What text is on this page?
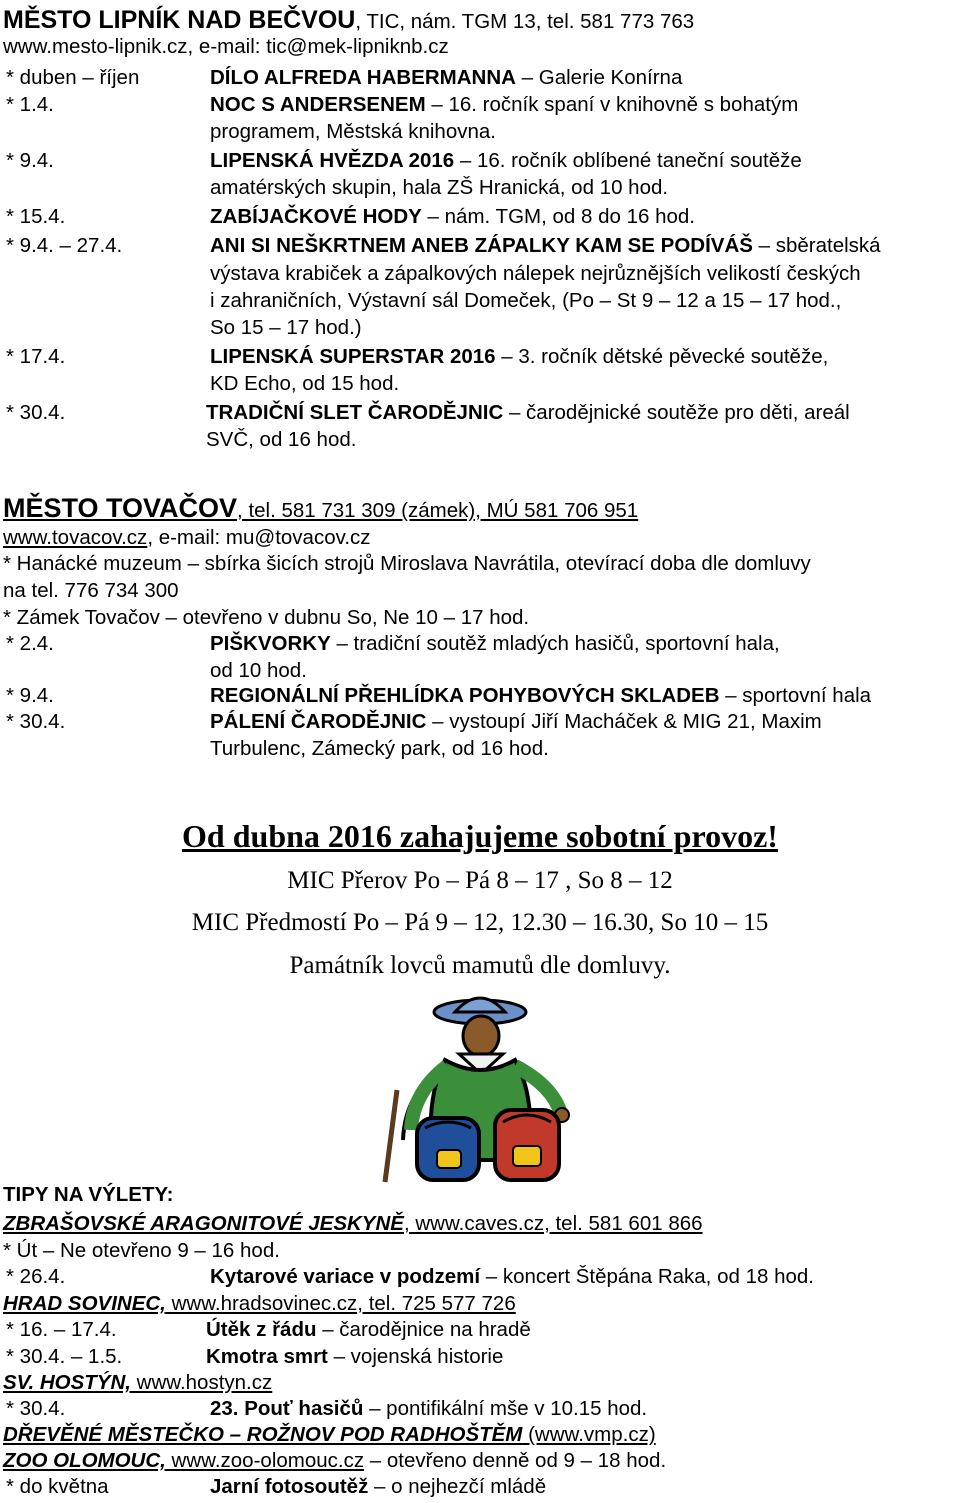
MĚSTO LIPNÍK NAD BEČVOU, TIC, nám. TGM 13, tel. 581 773 763
www.mesto-lipnik.cz, e-mail: tic@mek-lipniknb.cz
* duben – říjen	DÍLO ALFREDA HABERMANNA – Galerie Konírna
* 1.4.	NOC S ANDERSENEM – 16. ročník spaní v knihovně s bohatým
programem, Městská knihovna.
* 9.4.	LIPENSKÁ HVĚZDA 2016 – 16. ročník oblíbené taneční soutěže
amatérských skupin, hala ZŠ Hranická, od 10 hod.
* 15.4.	ZABÍJAČKOVÉ HODY – nám. TGM, od 8 do 16 hod.
* 9.4. – 27.4.	ANI SI NEŠKRTNEM ANEB ZÁPALKY KAM SE PODÍVÁŠ – sběratelská
výstava krabiček a zápalkových nálepek nejrůznějších velikostí českých
i zahraničních, Výstavní sál Domeček, (Po – St 9 – 12 a 15 – 17 hod.,
So 15 – 17 hod.)
* 17.4.	LIPENSKÁ SUPERSTAR 2016 – 3. ročník dětské pěvecké soutěže,
KD Echo, od 15 hod.
* 30.4.	TRADIČNÍ SLET ČARODĚJNIC – čarodějnické soutěže pro děti, areál
SVČ, od 16 hod.
MĚSTO TOVAČOV, tel. 581 731 309 (zámek), MÚ 581 706 951
www.tovacov.cz, e-mail: mu@tovacov.cz
* Hanácké muzeum – sbírka šicích strojů Miroslava Navrátila, otevírací doba dle domluvy
na tel. 776 734 300
* Zámek Tovačov – otevřeno v dubnu So, Ne 10 – 17 hod.
* 2.4.	PIŠKVORKY – tradiční soutěž mladých hasičů, sportovní hala,
od 10 hod.
* 9.4.	REGIONÁLNÍ PŘEHLÍDKA POHYBOVÝCH SKLADEB – sportovní hala
* 30.4.	PÁLENÍ ČARODĚJNIC – vystoupí Jiří Macháček & MIG 21, Maxim
Turbulenc, Zámecký park, od 16 hod.
Od dubna 2016 zahajujeme sobotní provoz!
MIC Přerov Po – Pá 8 – 17 , So 8 – 12
MIC Předmostí Po – Pá 9 – 12, 12.30 – 16.30, So 10 – 15
Památník lovců mamutů dle domluvy.
TIPY NA VÝLETY:
ZBRAŠOVSKÉ ARAGONITOVÉ JESKYNĚ, www.caves.cz, tel. 581 601 866
* Út – Ne otevřeno 9 – 16 hod.
* 26.4.	Kytarové variace v podzemí – koncert Štěpána Raka, od 18 hod.
HRAD SOVINEC, www.hradsovinec.cz, tel. 725 577 726
* 16. – 17.4.	Útěk z řádu – čarodějnice na hradě
* 30.4. – 1.5.	Kmotra smrt – vojenská historie
SV. HOSTÝN, www.hostyn.cz
* 30.4.	23. Pouť hasičů – pontifikální mše v 10.15 hod.
DŘEVĚNÉ MĚSTEČKO – ROŽNOV POD RADHOŠTĚM (www.vmp.cz)
ZOO OLOMOUC, www.zoo-olomouc.cz – otevřeno denně od 9 – 18 hod.
* do května	Jarní fotosoutěž – o nejhezčí mládě
